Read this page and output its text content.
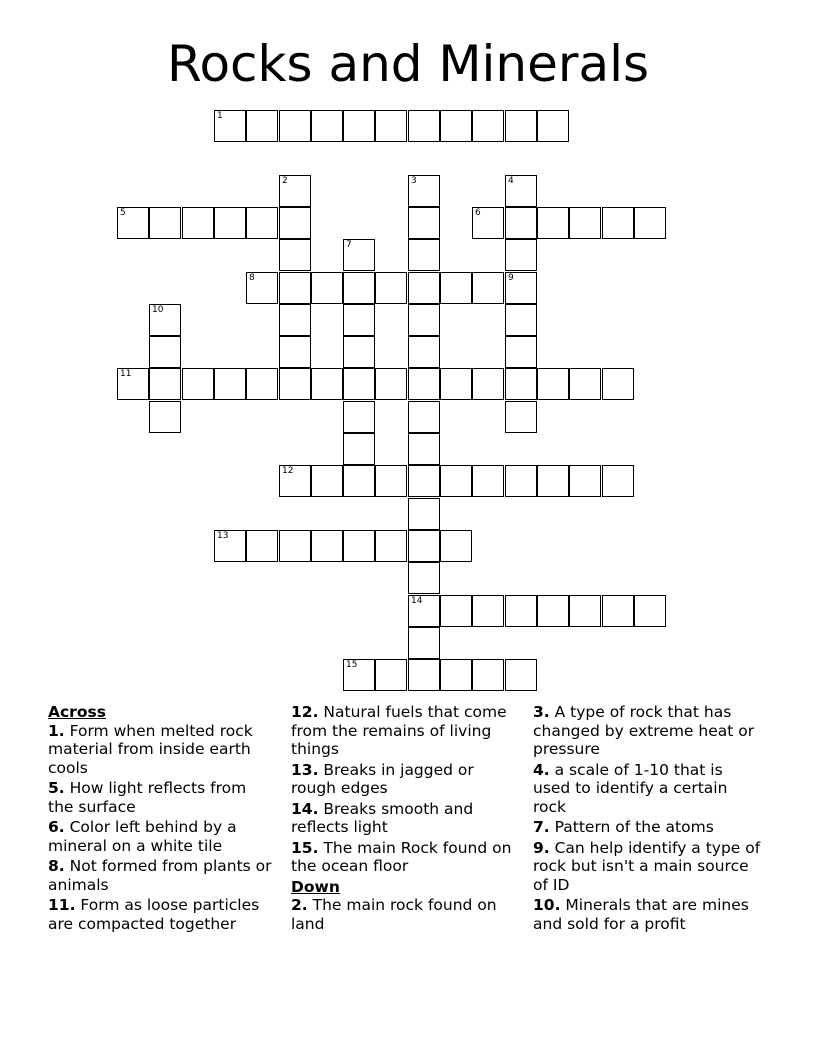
Rocks and Minerals
1
2	3
14
4
9
5	6
7
8
10
11
12
13
15
Across
1. Form when melted rock material from inside earth cools
5. How light reflects from the surface
6. Color left behind by a mineral on a white tile
8. Not formed from plants or animals
11. Form as loose particles are compacted together
12. Natural fuels that come from the remains of living things
13. Breaks in jagged or rough edges
14. Breaks smooth and reflects light
15. The main Rock found on the ocean floor
Down
2. The main rock found on land
3. A type of rock that has changed by extreme heat or pressure
4. a scale of 1-10 that is used to identify a certain rock
7. Pattern of the atoms
9. Can help identify a type of rock but isn't a main source of ID
10. Minerals that are mines and sold for a profit
